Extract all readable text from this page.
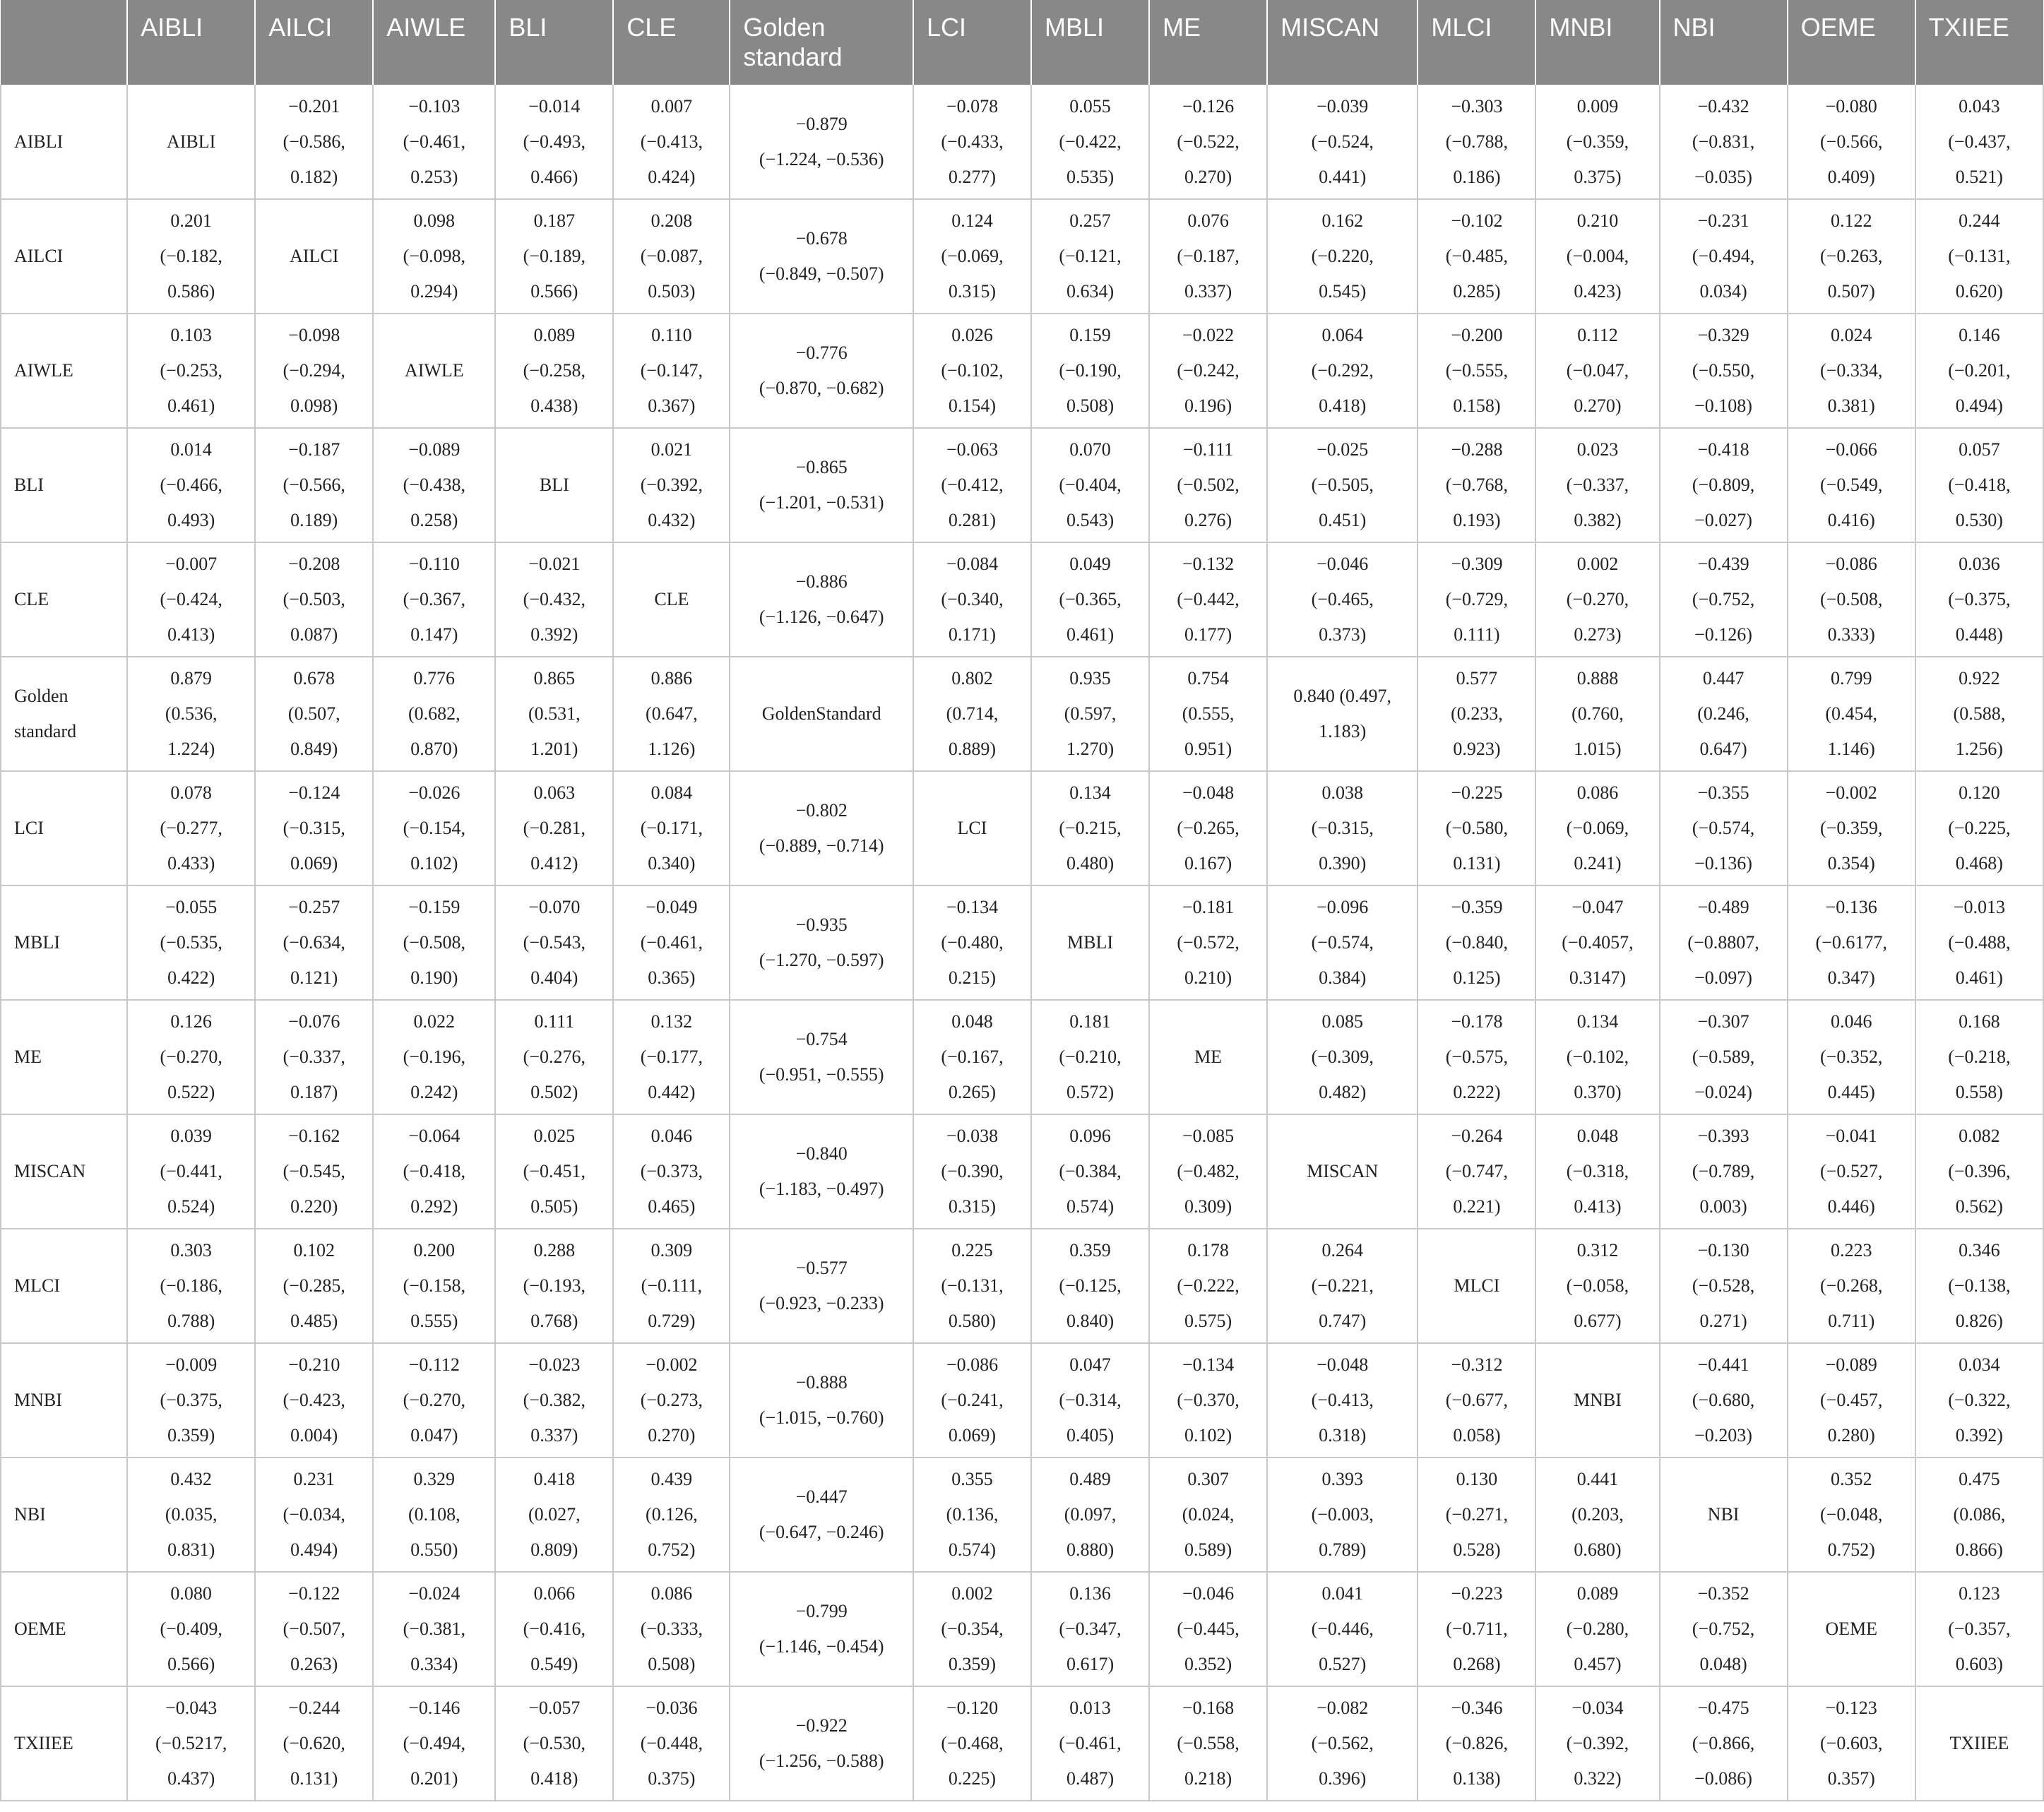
	AIBLI	AILCI	AIWLE	BLI	CLE	Golden
standard	LCI	MBLI	ME	MISCAN	MLCI	MNBI	NBI	OEME	TXIIEE
AIBLI	AIBLI	−0.201
(−0.586,
0.182)	−0.103
(−0.461,
0.253)	−0.014
(−0.493,
0.466)	0.007
(−0.413,
0.424)	−0.879
(−1.224, −0.536)	−0.078
(−0.433,
0.277)	0.055
(−0.422,
0.535)	−0.126
(−0.522,
0.270)	−0.039
(−0.524,
0.441)	−0.303
(−0.788,
0.186)	0.009
(−0.359,
0.375)	−0.432
(−0.831,
−0.035)	−0.080
(−0.566,
0.409)	0.043
(−0.437,
0.521)
AILCI	0.201
(−0.182,
0.586)	AILCI	0.098
(−0.098,
0.294)	0.187
(−0.189,
0.566)	0.208
(−0.087,
0.503)	−0.678
(−0.849, −0.507)	0.124
(−0.069,
0.315)	0.257
(−0.121,
0.634)	0.076
(−0.187,
0.337)	0.162
(−0.220,
0.545)	−0.102
(−0.485,
0.285)	0.210
(−0.004,
0.423)	−0.231
(−0.494,
0.034)	0.122
(−0.263,
0.507)	0.244
(−0.131,
0.620)
AIWLE	0.103
(−0.253,
0.461)	−0.098
(−0.294,
0.098)	AIWLE	0.089
(−0.258,
0.438)	0.110
(−0.147,
0.367)	−0.776
(−0.870, −0.682)	0.026
(−0.102,
0.154)	0.159
(−0.190,
0.508)	−0.022
(−0.242,
0.196)	0.064
(−0.292,
0.418)	−0.200
(−0.555,
0.158)	0.112
(−0.047,
0.270)	−0.329
(−0.550,
−0.108)	0.024
(−0.334,
0.381)	0.146
(−0.201,
0.494)
BLI	0.014
(−0.466,
0.493)	−0.187
(−0.566,
0.189)	−0.089
(−0.438,
0.258)	BLI	0.021
(−0.392,
0.432)	−0.865
(−1.201, −0.531)	−0.063
(−0.412,
0.281)	0.070
(−0.404,
0.543)	−0.111
(−0.502,
0.276)	−0.025
(−0.505,
0.451)	−0.288
(−0.768,
0.193)	0.023
(−0.337,
0.382)	−0.418
(−0.809,
−0.027)	−0.066
(−0.549,
0.416)	0.057
(−0.418,
0.530)
CLE	−0.007
(−0.424,
0.413)	−0.208
(−0.503,
0.087)	−0.110
(−0.367,
0.147)	−0.021
(−0.432,
0.392)	CLE	−0.886
(−1.126, −0.647)	−0.084
(−0.340,
0.171)	0.049
(−0.365,
0.461)	−0.132
(−0.442,
0.177)	−0.046
(−0.465,
0.373)	−0.309
(−0.729,
0.111)	0.002
(−0.270,
0.273)	−0.439
(−0.752,
−0.126)	−0.086
(−0.508,
0.333)	0.036
(−0.375,
0.448)
Golden
standard	0.879
(0.536,
1.224)	0.678
(0.507,
0.849)	0.776
(0.682,
0.870)	0.865
(0.531,
1.201)	0.886
(0.647,
1.126)	GoldenStandard	0.802
(0.714,
0.889)	0.935
(0.597,
1.270)	0.754
(0.555,
0.951)	0.840 (0.497,
1.183)	0.577
(0.233,
0.923)	0.888
(0.760,
1.015)	0.447
(0.246,
0.647)	0.799
(0.454,
1.146)	0.922
(0.588,
1.256)
LCI	0.078
(−0.277,
0.433)	−0.124
(−0.315,
0.069)	−0.026
(−0.154,
0.102)	0.063
(−0.281,
0.412)	0.084
(−0.171,
0.340)	−0.802
(−0.889, −0.714)	LCI	0.134
(−0.215,
0.480)	−0.048
(−0.265,
0.167)	0.038
(−0.315,
0.390)	−0.225
(−0.580,
0.131)	0.086
(−0.069,
0.241)	−0.355
(−0.574,
−0.136)	−0.002
(−0.359,
0.354)	0.120
(−0.225,
0.468)
MBLI	−0.055
(−0.535,
0.422)	−0.257
(−0.634,
0.121)	−0.159
(−0.508,
0.190)	−0.070
(−0.543,
0.404)	−0.049
(−0.461,
0.365)	−0.935
(−1.270, −0.597)	−0.134
(−0.480,
0.215)	MBLI	−0.181
(−0.572,
0.210)	−0.096
(−0.574,
0.384)	−0.359
(−0.840,
0.125)	−0.047
(−0.4057,
0.3147)	−0.489
(−0.8807,
−0.097)	−0.136
(−0.6177,
0.347)	−0.013
(−0.488,
0.461)
ME	0.126
(−0.270,
0.522)	−0.076
(−0.337,
0.187)	0.022
(−0.196,
0.242)	0.111
(−0.276,
0.502)	0.132
(−0.177,
0.442)	−0.754
(−0.951, −0.555)	0.048
(−0.167,
0.265)	0.181
(−0.210,
0.572)	ME	0.085
(−0.309,
0.482)	−0.178
(−0.575,
0.222)	0.134
(−0.102,
0.370)	−0.307
(−0.589,
−0.024)	0.046
(−0.352,
0.445)	0.168
(−0.218,
0.558)
MISCAN	0.039
(−0.441,
0.524)	−0.162
(−0.545,
0.220)	−0.064
(−0.418,
0.292)	0.025
(−0.451,
0.505)	0.046
(−0.373,
0.465)	−0.840
(−1.183, −0.497)	−0.038
(−0.390,
0.315)	0.096
(−0.384,
0.574)	−0.085
(−0.482,
0.309)	MISCAN	−0.264
(−0.747,
0.221)	0.048
(−0.318,
0.413)	−0.393
(−0.789,
0.003)	−0.041
(−0.527,
0.446)	0.082
(−0.396,
0.562)
MLCI	0.303
(−0.186,
0.788)	0.102
(−0.285,
0.485)	0.200
(−0.158,
0.555)	0.288
(−0.193,
0.768)	0.309
(−0.111,
0.729)	−0.577
(−0.923, −0.233)	0.225
(−0.131,
0.580)	0.359
(−0.125,
0.840)	0.178
(−0.222,
0.575)	0.264
(−0.221,
0.747)	MLCI	0.312
(−0.058,
0.677)	−0.130
(−0.528,
0.271)	0.223
(−0.268,
0.711)	0.346
(−0.138,
0.826)
MNBI	−0.009
(−0.375,
0.359)	−0.210
(−0.423,
0.004)	−0.112
(−0.270,
0.047)	−0.023
(−0.382,
0.337)	−0.002
(−0.273,
0.270)	−0.888
(−1.015, −0.760)	−0.086
(−0.241,
0.069)	0.047
(−0.314,
0.405)	−0.134
(−0.370,
0.102)	−0.048
(−0.413,
0.318)	−0.312
(−0.677,
0.058)	MNBI	−0.441
(−0.680,
−0.203)	−0.089
(−0.457,
0.280)	0.034
(−0.322,
0.392)
NBI	0.432
(0.035,
0.831)	0.231
(−0.034,
0.494)	0.329
(0.108,
0.550)	0.418
(0.027,
0.809)	0.439
(0.126,
0.752)	−0.447
(−0.647, −0.246)	0.355
(0.136,
0.574)	0.489
(0.097,
0.880)	0.307
(0.024,
0.589)	0.393
(−0.003,
0.789)	0.130
(−0.271,
0.528)	0.441
(0.203,
0.680)	NBI	0.352
(−0.048,
0.752)	0.475
(0.086,
0.866)
OEME	0.080
(−0.409,
0.566)	−0.122
(−0.507,
0.263)	−0.024
(−0.381,
0.334)	0.066
(−0.416,
0.549)	0.086
(−0.333,
0.508)	−0.799
(−1.146, −0.454)	0.002
(−0.354,
0.359)	0.136
(−0.347,
0.617)	−0.046
(−0.445,
0.352)	0.041
(−0.446,
0.527)	−0.223
(−0.711,
0.268)	0.089
(−0.280,
0.457)	−0.352
(−0.752,
0.048)	OEME	0.123
(−0.357,
0.603)
TXIIEE	−0.043
(−0.5217,
0.437)	−0.244
(−0.620,
0.131)	−0.146
(−0.494,
0.201)	−0.057
(−0.530,
0.418)	−0.036
(−0.448,
0.375)	−0.922
(−1.256, −0.588)	−0.120
(−0.468,
0.225)	0.013
(−0.461,
0.487)	−0.168
(−0.558,
0.218)	−0.082
(−0.562,
0.396)	−0.346
(−0.826,
0.138)	−0.034
(−0.392,
0.322)	−0.475
(−0.866,
−0.086)	−0.123
(−0.603,
0.357)	TXIIEE
